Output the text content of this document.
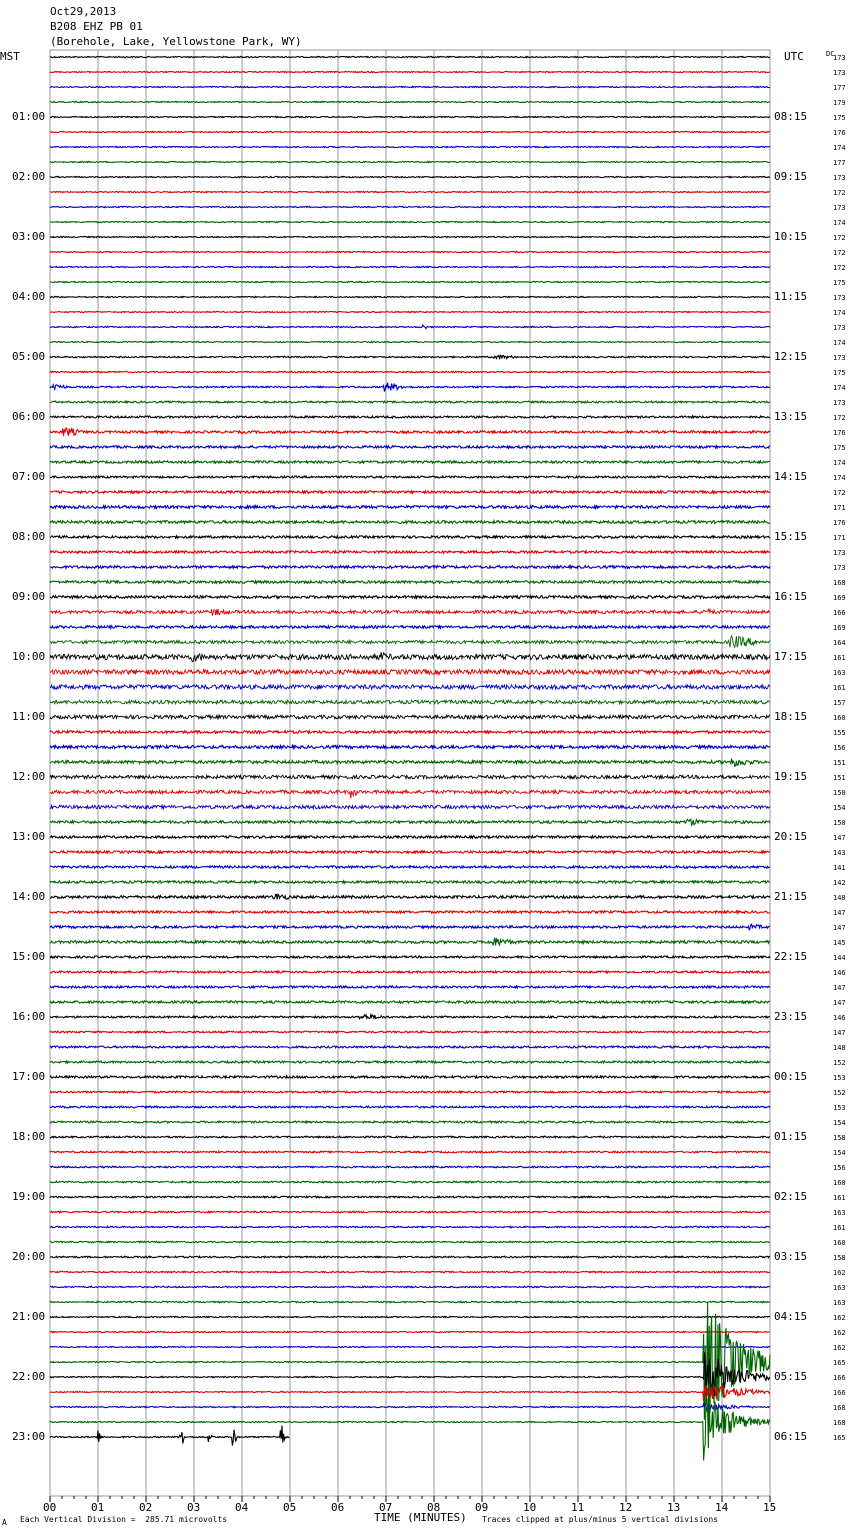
Oct29,2013
B208 EHZ PB 01
(Borehole, Lake, Yellowstone Park, WY)
MST	UTC	DC
01:00
02:00
03:00
04:00
05:00
06:00
07:00
08:00
09:00
10:00
11:00
12:00
13:00
14:00
15:00
16:00
17:00
18:00
19:00
20:00
21:00
22:00
23:00
08:15
09:15
10:15
11:15
12:15
13:15
14:15
15:15
16:15
17:15
18:15
19:15
20:15
21:15
22:15
23:15
00:15
01:15
02:15
03:15
04:15
05:15
06:15
173
173
177
179
175
176
174
177
173
172
173
174
172
172
172
175
173
174
173
174
173
175
174
173
172
176
175
174
174
172
171
176
171
173
173
168
169
166
169
164
161
163
161
157
160
155
156
151
151
150
154
150
147
143
141
142
148
147
147
145
144
146
147
147
146
147
148
152
153
152
153
154
158
154
156
160
161
163
161
160
158
162
163
163
162
162
162
165
166
166
168
168
165
00	01	02	03	04	05	06	07	08	09	10	11	12	13	14	15
TIME (MINUTES)
A Each Vertical Division =  285.71 microvolts	Traces clipped at plus/minus 5 vertical divisions
